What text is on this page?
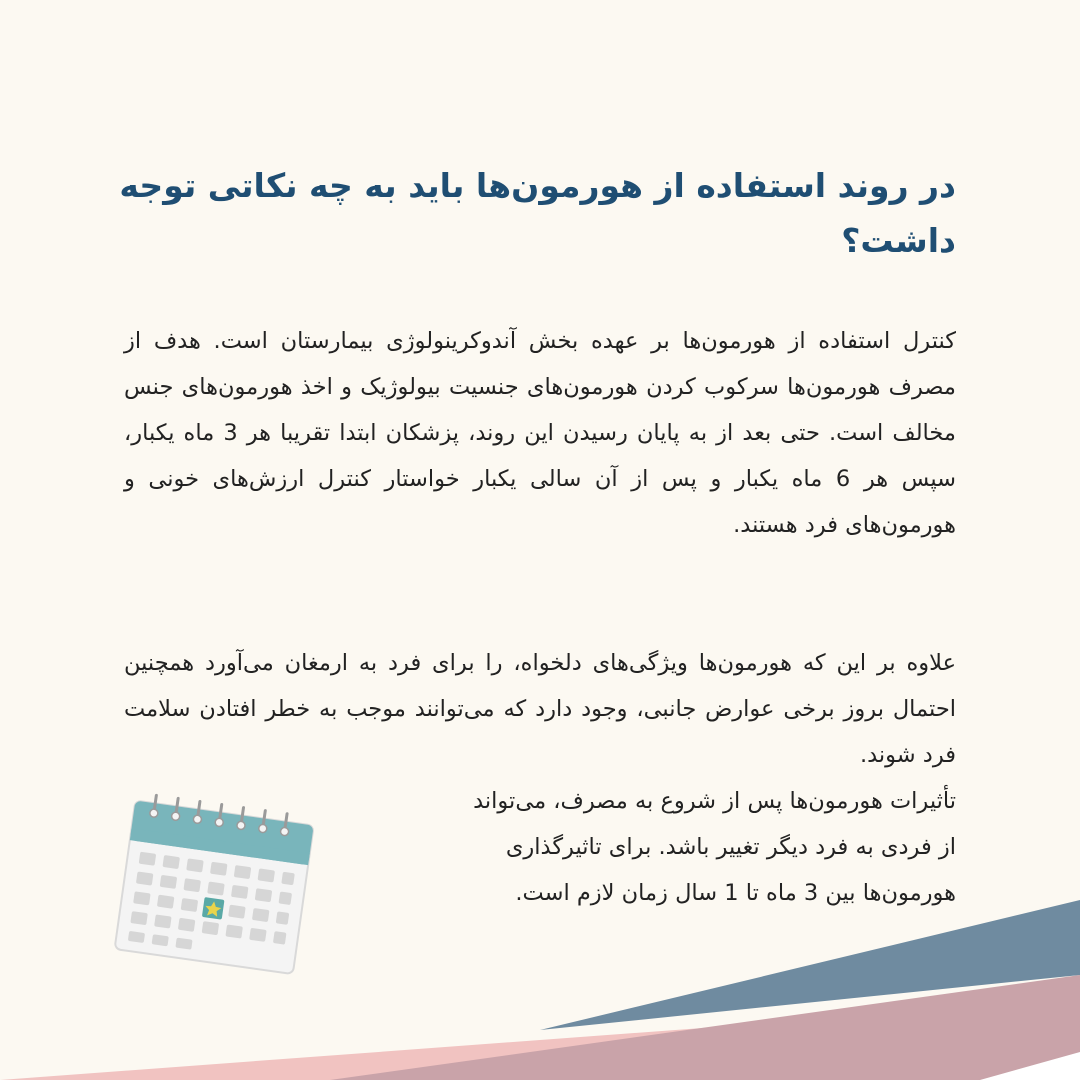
در روند استفاده از هورمون‌ها باید به چه نکاتی توجه داشت؟

کنترل استفاده از هورمون‌ها بر عهده بخش آندوکرینولوژی بیمارستان است. هدف از مصرف هورمون‌ها سرکوب کردن هورمون‌های جنسیت بیولوژیک و اخذ هورمون‌های جنس مخالف است. حتی بعد از به پایان رسیدن این روند، پزشکان ابتدا تقریبا هر 3 ماه یکبار، سپس هر 6 ماه یکبار و پس از آن سالی یکبار خواستار کنترل ارزش‌های خونی و هورمون‌های فرد هستند.

علاوه بر این که هورمون‌ها ویژگی‌های دلخواه، را برای فرد به ارمغان می‌آورد همچنین احتمال بروز برخی عوارض جانبی، وجود دارد که می‌توانند موجب به خطر افتادن سلامت فرد شوند.

تأثیرات هورمون‌ها پس از شروع به مصرف، می‌تواند
از فردی به فرد دیگر تغییر باشد. برای تاثیرگذاری
هورمون‌ها بین 3 ماه تا 1 سال زمان لازم است.
